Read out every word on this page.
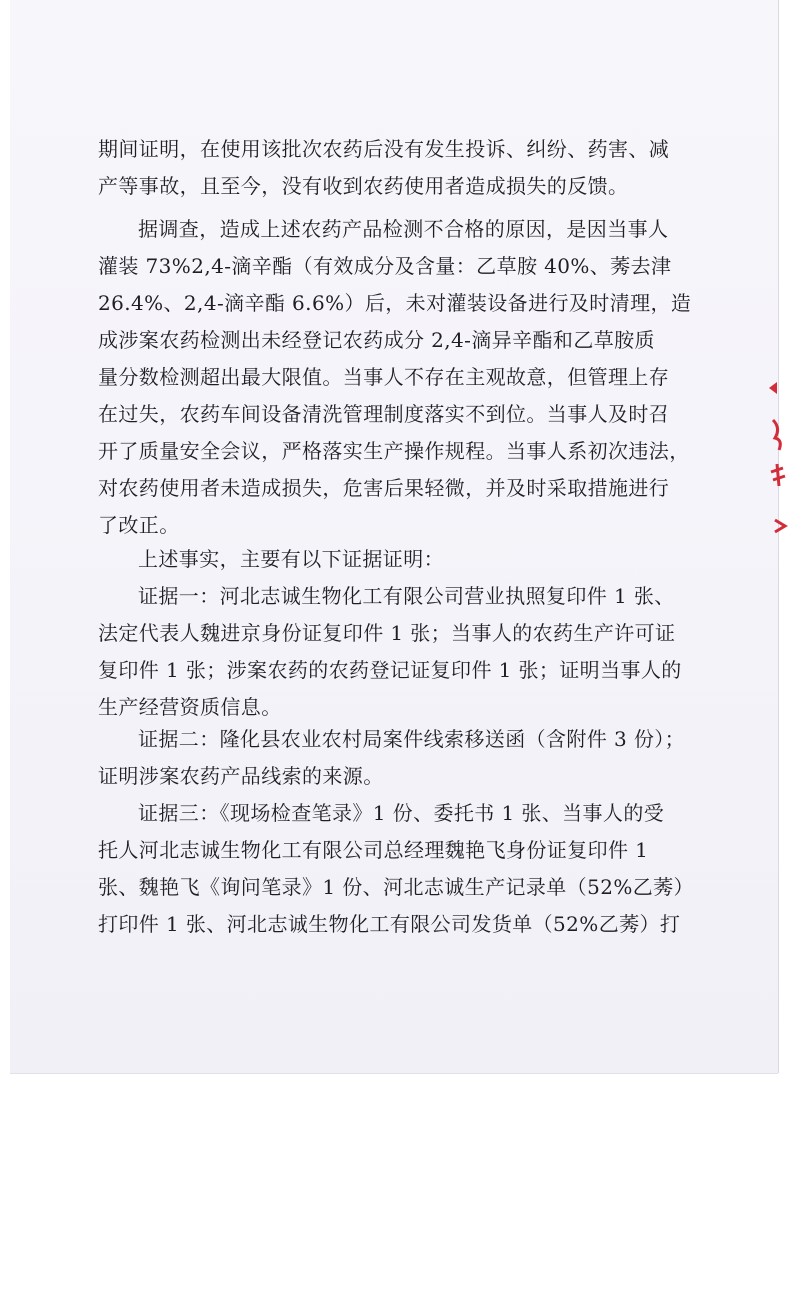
期间证明，在使用该批次农药后没有发生投诉、纠纷、药害、减
产等事故，且至今，没有收到农药使用者造成损失的反馈。
据调查，造成上述农药产品检测不合格的原因，是因当事人
灌装 73%2,4-滴辛酯（有效成分及含量：乙草胺 40%、莠去津
26.4%、2,4-滴辛酯 6.6%）后，未对灌装设备进行及时清理，造
成涉案农药检测出未经登记农药成分 2,4-滴异辛酯和乙草胺质
量分数检测超出最大限值。当事人不存在主观故意，但管理上存
在过失，农药车间设备清洗管理制度落实不到位。当事人及时召
开了质量安全会议，严格落实生产操作规程。当事人系初次违法，
对农药使用者未造成损失，危害后果轻微，并及时采取措施进行
了改正。
上述事实，主要有以下证据证明：
证据一：河北志诚生物化工有限公司营业执照复印件 1 张、
法定代表人魏进京身份证复印件 1 张；当事人的农药生产许可证
复印件 1 张；涉案农药的农药登记证复印件 1 张；证明当事人的
生产经营资质信息。
证据二：隆化县农业农村局案件线索移送函（含附件 3 份）；
证明涉案农药产品线索的来源。
证据三：《现场检查笔录》1 份、委托书 1 张、当事人的受
托人河北志诚生物化工有限公司总经理魏艳飞身份证复印件 1
张、魏艳飞《询问笔录》1 份、河北志诚生产记录单（52%乙莠）
打印件 1 张、河北志诚生物化工有限公司发货单（52%乙莠）打
